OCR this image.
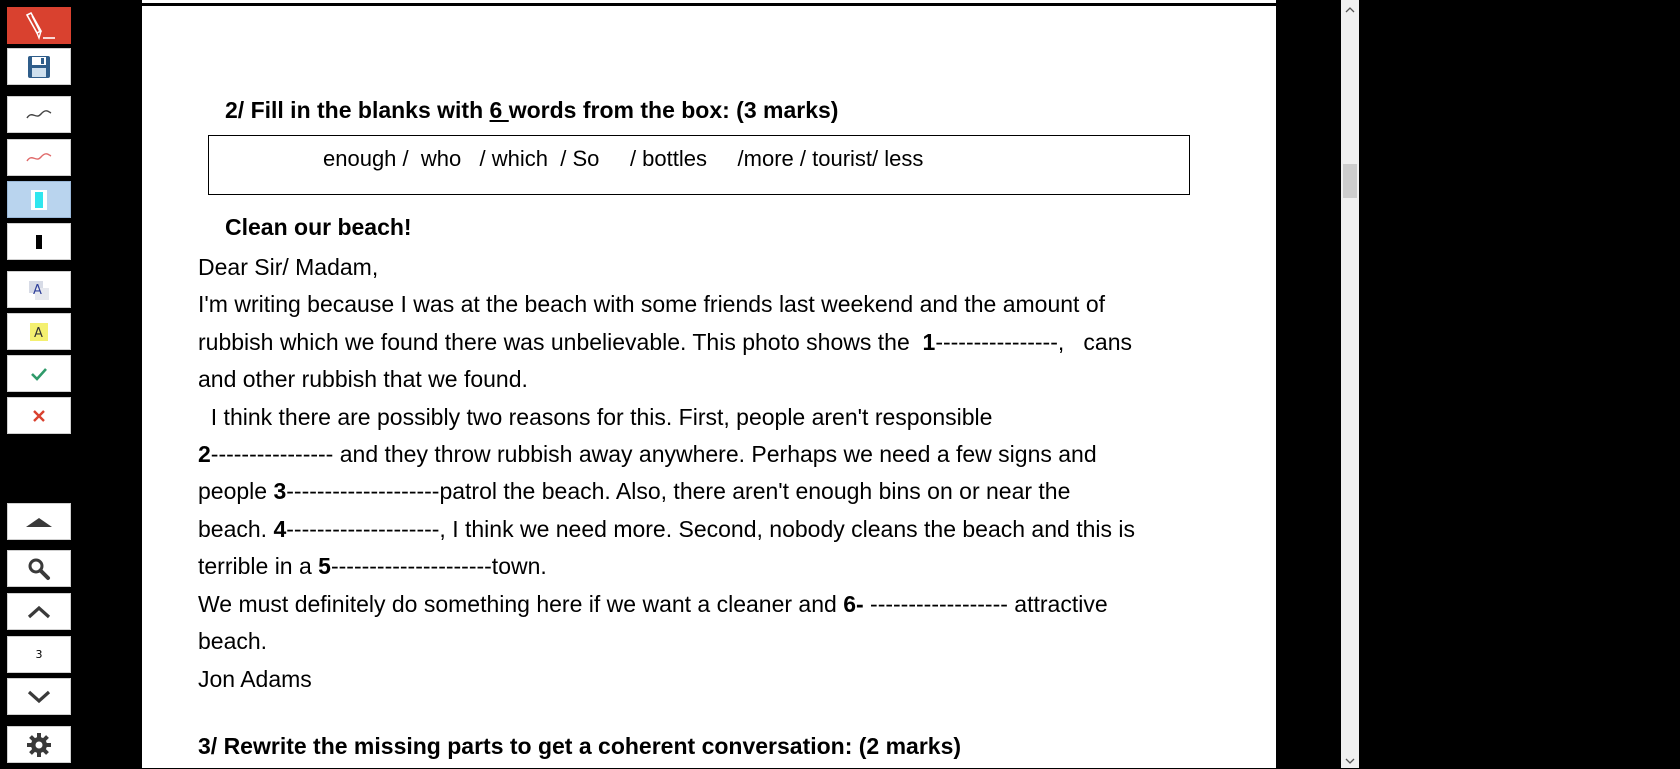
A
A
3
2/ Fill in the blanks with 6 words from the box: (3 marks)
enough /  who   / which  / So     / bottles     /more / tourist/ less
Clean our beach!
Dear Sir/ Madam,
I'm writing because I was at the beach with some friends last weekend and the amount of
rubbish which we found there was unbelievable. This photo shows the  1----------------,   cans
and other rubbish that we found.
I think there are possibly two reasons for this. First, people aren't responsible
2---------------- and they throw rubbish away anywhere. Perhaps we need a few signs and
people 3--------------------patrol the beach. Also, there aren't enough bins on or near the
beach. 4--------------------, I think we need more. Second, nobody cleans the beach and this is
terrible in a 5---------------------town.
We must definitely do something here if we want a cleaner and 6- ------------------ attractive
beach.
Jon Adams
3/ Rewrite the missing parts to get a coherent conversation: (2 marks)
